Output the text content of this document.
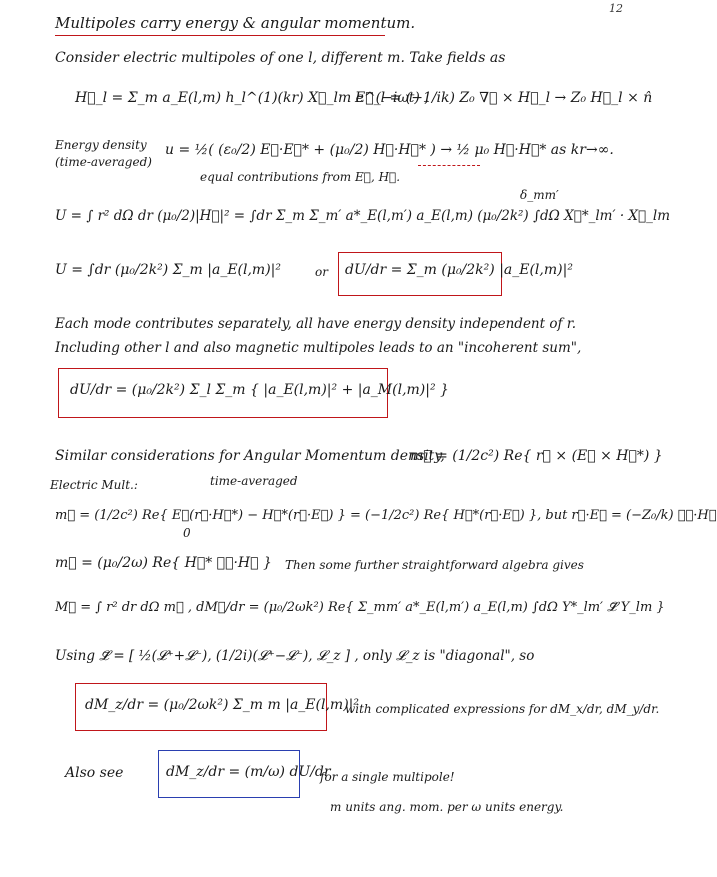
12
Multipoles carry energy & angular momentum.
Consider electric multipoles of one l, different m. Take fields as
H⃗_l = Σ_m a_E(l,m) h_l^(1)(kr) X⃗_lm e^(−iωt) ,
E⃗_l = (−1/ik) Z₀ ∇⃗ × H⃗_l → Z₀ H⃗_l × n̂
Energy density
(time-averaged)
u = ½( (ε₀/2) E⃗·E⃗* + (μ₀/2) H⃗·H⃗* ) → ½ μ₀ H⃗·H⃗* as kr→∞.
equal contributions from E⃗, H⃗.
δ_mm′
U = ∫ r² dΩ dr (μ₀/2)|H⃗|² = ∫dr Σ_m Σ_m′ a*_E(l,m′) a_E(l,m) (μ₀/2k²) ∫dΩ X⃗*_lm′ · X⃗_lm
U = ∫dr (μ₀/2k²) Σ_m |a_E(l,m)|²	or dU/dr = Σ_m (μ₀/2k²) |a_E(l,m)|²
Each mode contributes separately, all have energy density independent of r.
Including other l and also magnetic multipoles leads to an "incoherent sum",
dU/dr = (μ₀/2k²) Σ_l Σ_m { |a_E(l,m)|² + |a_M(l,m)|² }
Similar considerations for Angular Momentum density,
m⃗ = (1/2c²) Re{ r⃗ × (E⃗ × H⃗*) }
Electric Mult.:	time-averaged
m⃗ = (1/2c²) Re{ E⃗(r⃗·H⃗*) − H⃗*(r⃗·E⃗) } = (−1/2c²) Re{ H⃗*(r⃗·E⃗) }, but r⃗·E⃗ = (−Z₀/k) 𝓛⃗·H⃗
0
m⃗ = (μ₀/2ω) Re{ H⃗* 𝓛⃗·H⃗ } Then some further straightforward algebra gives
M⃗ = ∫ r² dr dΩ m⃗ , dM⃗/dr = (μ₀/2ωk²) Re{ Σ_mm′ a*_E(l,m′) a_E(l,m) ∫dΩ Y*_lm′ 𝓛⃗ Y_lm }
Using 𝓛⃗ = [ ½(𝓛⁺+𝓛⁻), (1/2i)(𝓛⁺−𝓛⁻), 𝓛_z ] , only 𝓛_z is "diagonal", so
dM_z/dr = (μ₀/2ωk²) Σ_m m |a_E(l,m)|²
with complicated expressions for dM_x/dr, dM_y/dr.
Also see	dM_z/dr = (m/ω) dU/dr
for a single multipole!
m units ang. mom. per ω units energy.
